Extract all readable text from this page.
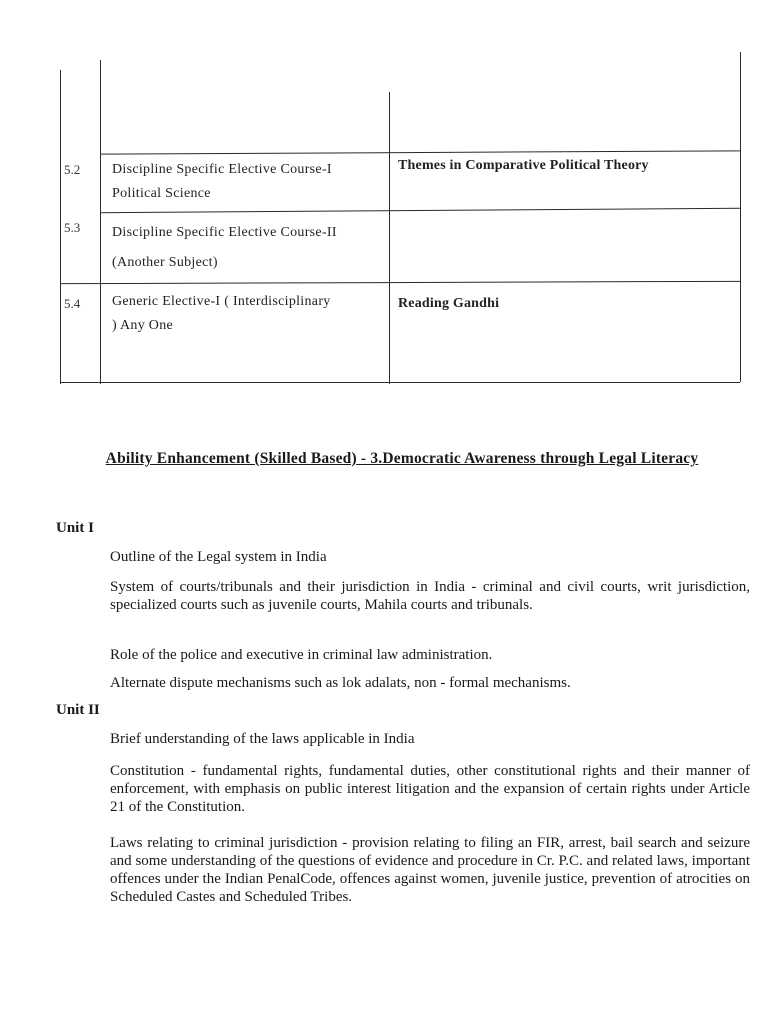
5.2 Discipline Specific Elective Course-I Political Science
Themes in Comparative Political Theory
5.3 Discipline Specific Elective Course-II (Another Subject)
5.4 Generic Elective-I ( Interdisciplinary ) Any One
Reading Gandhi
Ability Enhancement (Skilled Based) - 3.Democratic Awareness through Legal Literacy
Unit I
Outline of the Legal system in India
System of courts/tribunals and their jurisdiction in India - criminal and civil courts, writ jurisdiction, specialized courts such as juvenile courts, Mahila courts and tribunals.
Role of the police and executive in criminal law administration.
Alternate dispute mechanisms such as lok adalats, non - formal mechanisms.
Unit II
Brief understanding of the laws applicable in India
Constitution - fundamental rights, fundamental duties, other constitutional rights and their manner of enforcement, with emphasis on public interest litigation and the expansion of certain rights under Article 21 of the Constitution.
Laws relating to criminal jurisdiction - provision relating to filing an FIR, arrest, bail search and seizure and some understanding of the questions of evidence and procedure in Cr. P.C. and related laws, important offences under the Indian PenalCode, offences against women, juvenile justice, prevention of atrocities on Scheduled Castes and Scheduled Tribes.
